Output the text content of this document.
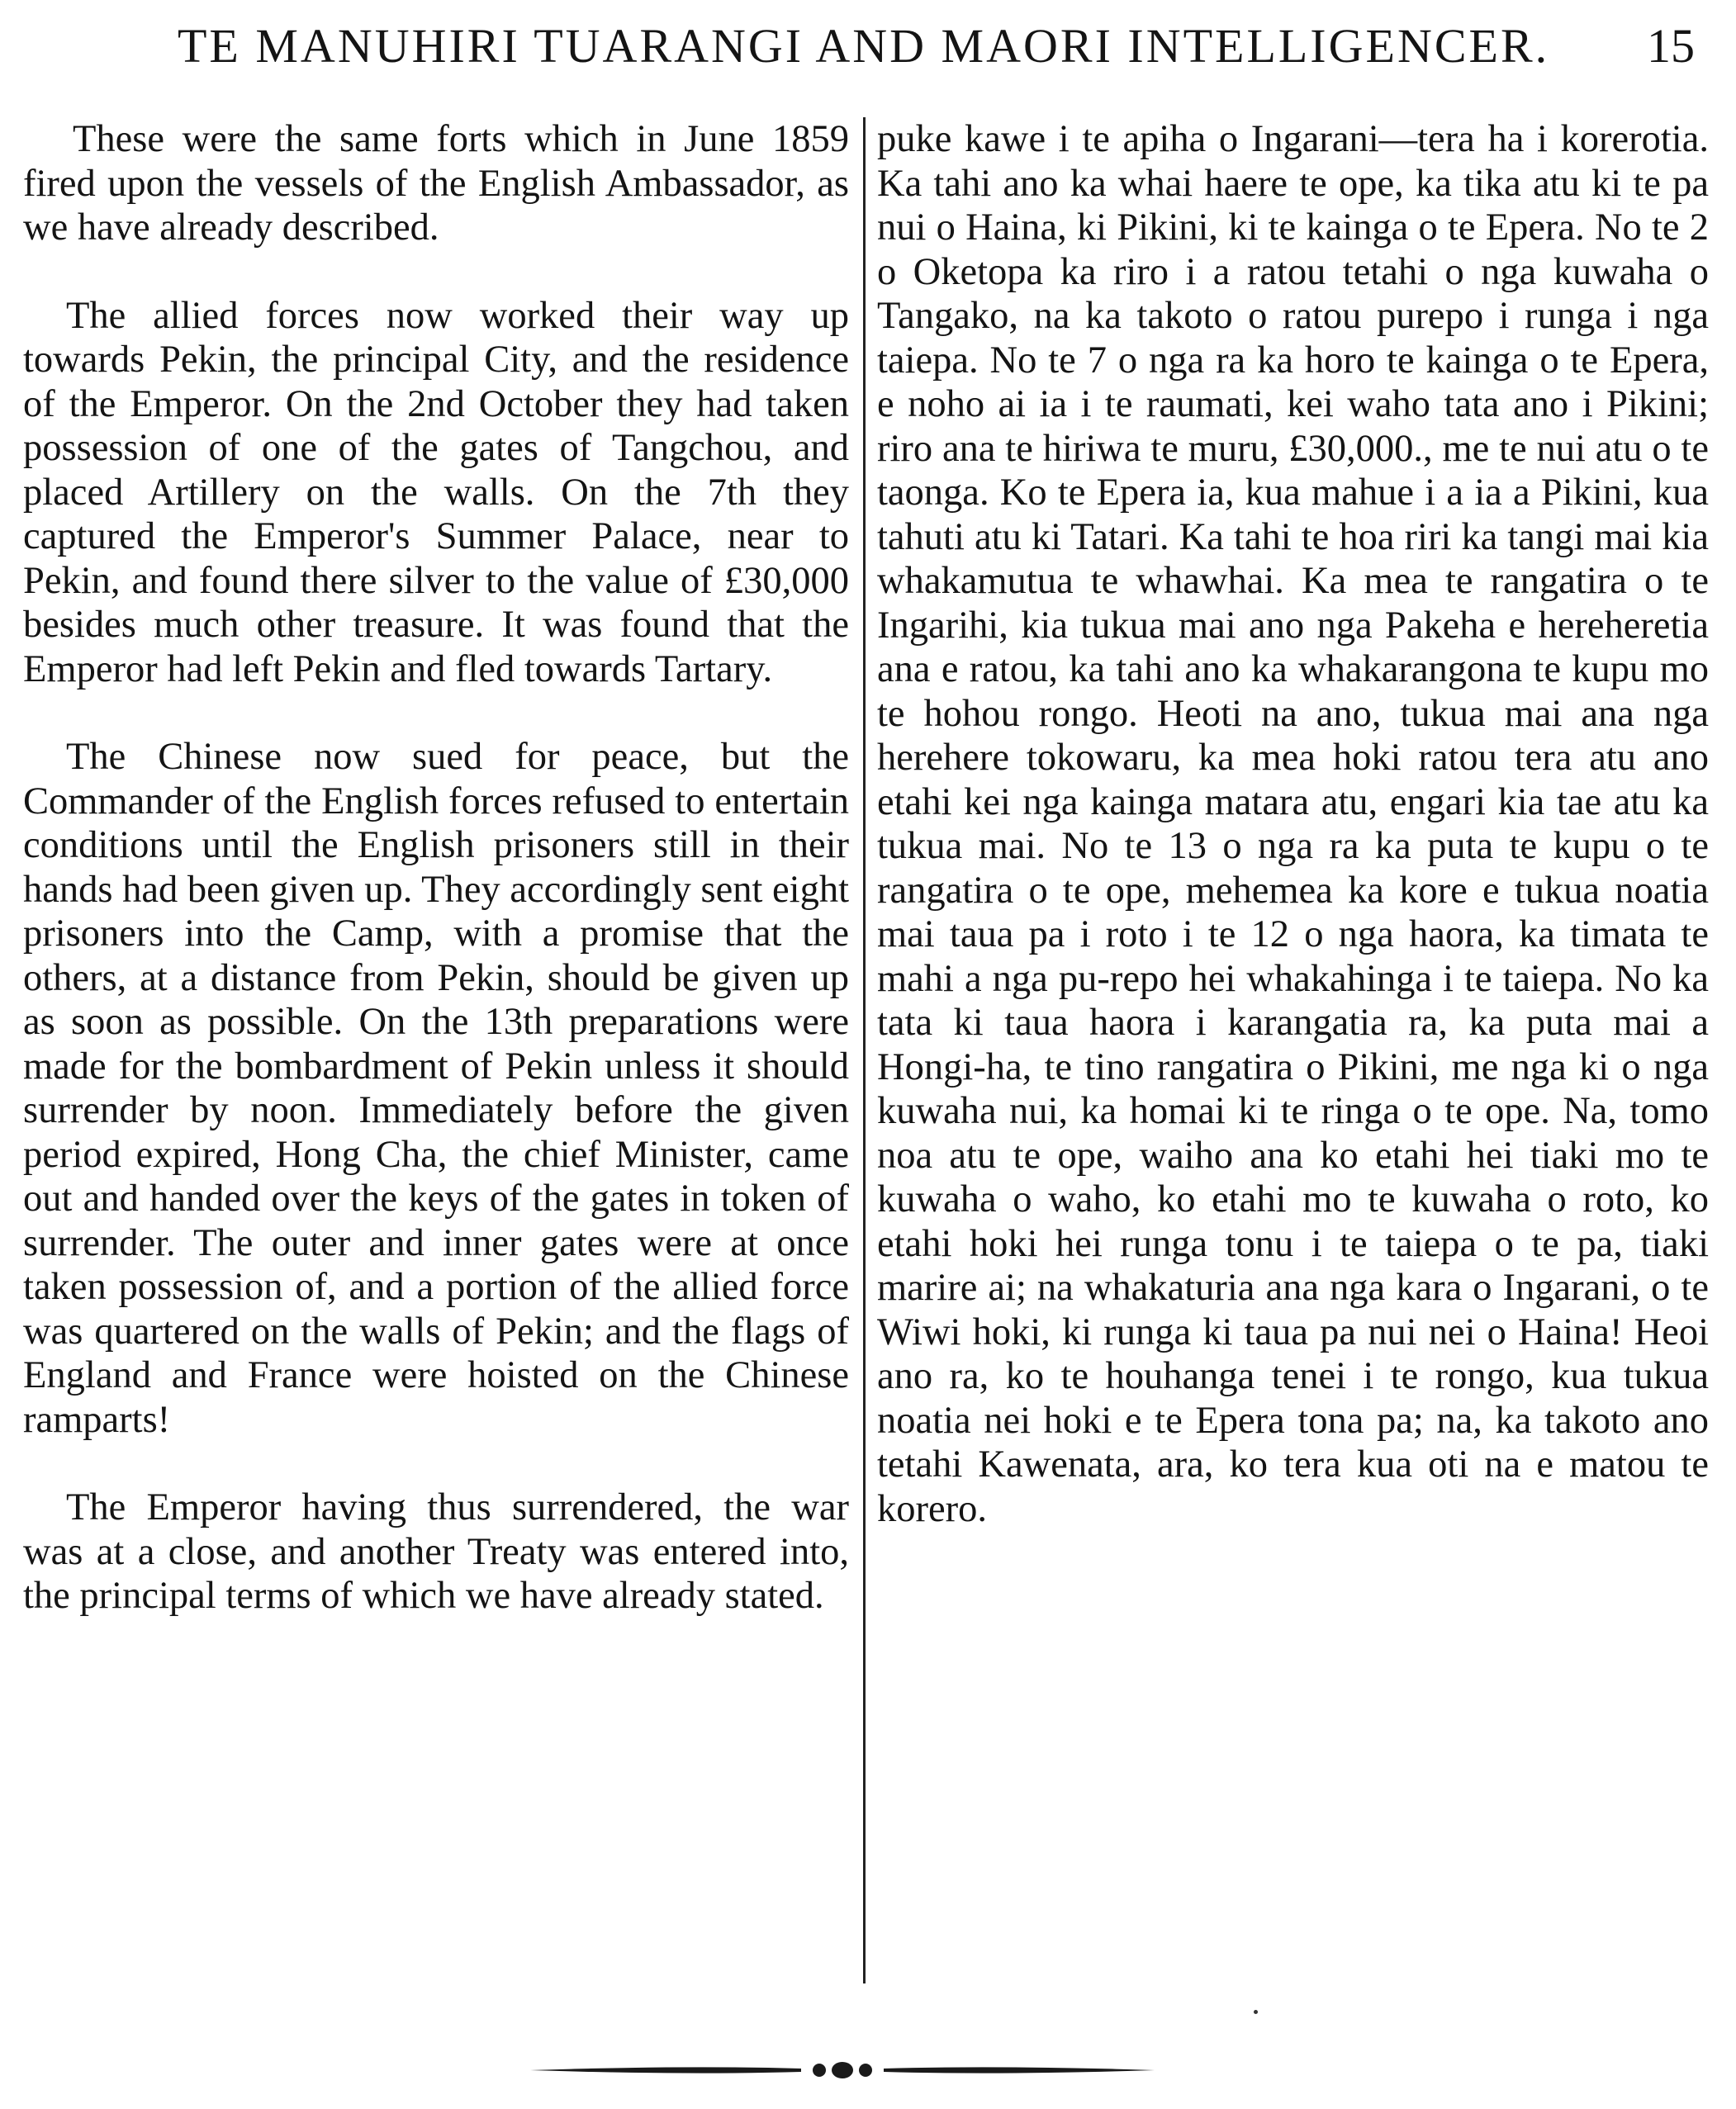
TE MANUHIRI TUARANGI AND MAORI INTELLIGENCER. 15

These were the same forts which in June 1859 fired upon the vessels of the English Ambassador, as we have already described.

The allied forces now worked their way up towards Pekin, the principal City, and the residence of the Emperor. On the 2nd October they had taken possession of one of the gates of Tangchou, and placed Artillery on the walls. On the 7th they captured the Emperor's Summer Palace, near to Pekin, and found there silver to the value of £30,000 besides much other treasure. It was found that the Emperor had left Pekin and fled towards Tartary.

The Chinese now sued for peace, but the Commander of the English forces refused to entertain conditions until the English prisoners still in their hands had been given up. They accordingly sent eight prisoners into the Camp, with a promise that the others, at a distance from Pekin, should be given up as soon as possible. On the 13th preparations were made for the bombardment of Pekin unless it should surrender by noon. Immediately before the given period expired, Hong Cha, the chief Minister, came out and handed over the keys of the gates in token of surrender. The outer and inner gates were at once taken possession of, and a portion of the allied force was quartered on the walls of Pekin; and the flags of England and France were hoisted on the Chinese ramparts!

The Emperor having thus surrendered, the war was at a close, and another Treaty was entered into, the principal terms of which we have already stated.

puke kawe i te apiha o Ingarani—tera ha i korerotia. Ka tahi ano ka whai haere te ope, ka tika atu ki te pa nui o Haina, ki Pikini, ki te kainga o te Epera. No te 2 o Oketopa ka riro i a ratou tetahi o nga kuwaha o Tangako, na ka takoto o ratou purepo i runga i nga taiepa. No te 7 o nga ra ka horo te kainga o te Epera, e noho ai ia i te raumati, kei waho tata ano i Pikini; riro ana te hiriwa te muru, £30,000., me te nui atu o te taonga. Ko te Epera ia, kua mahue i a ia a Pikini, kua tahuti atu ki Tatari. Ka tahi te hoa riri ka tangi mai kia whakamutua te whawhai. Ka mea te rangatira o te Ingarihi, kia tukua mai ano nga Pakeha e hereheretia ana e ratou, ka tahi ano ka whakarangona te kupu mo te hohou rongo. Heoti na ano, tukua mai ana nga herehere tokowaru, ka mea hoki ratou tera atu ano etahi kei nga kainga matara atu, engari kia tae atu ka tukua mai. No te 13 o nga ra ka puta te kupu o te rangatira o te ope, mehemea ka kore e tukua noatia mai taua pa i roto i te 12 o nga haora, ka timata te mahi a nga pu-repo hei whakahinga i te taiepa. No ka tata ki taua haora i karangatia ra, ka puta mai a Hongi-ha, te tino rangatira o Pikini, me nga ki o nga kuwaha nui, ka homai ki te ringa o te ope. Na, tomo noa atu te ope, waiho ana ko etahi hei tiaki mo te kuwaha o waho, ko etahi mo te kuwaha o roto, ko etahi hoki hei runga tonu i te taiepa o te pa, tiaki marire ai; na whakaturia ana nga kara o Ingarani, o te Wiwi hoki, ki runga ki taua pa nui nei o Haina! Heoi ano ra, ko te houhanga tenei i te rongo, kua tukua noatia nei hoki e te Epera tona pa; na, ka takoto ano tetahi Kawenata, ara, ko tera kua oti na e matou te korero.
